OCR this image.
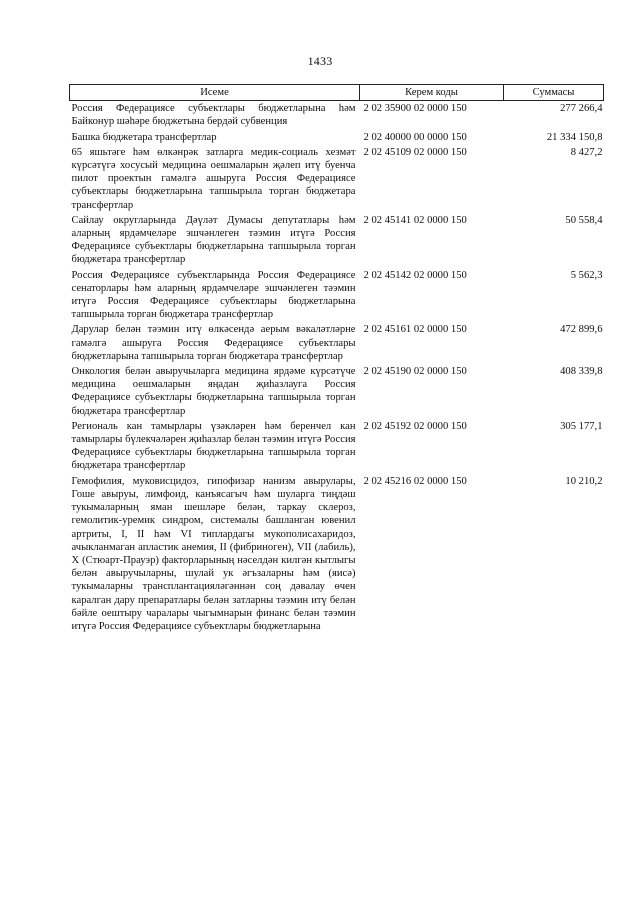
1433
Исеме	Керем коды	Суммасы
Россия Федерациясе субъектлары бюджетларына һәм Байконур шәһәре бюджетына бердәй субвенция	2 02 35900 02 0000 150	277 266,4
Башка бюджетара трансфертлар	2 02 40000 00 0000 150	21 334 150,8
65 яшьтәге һәм өлкәнрәк затларга медик-социаль хезмәт күрсәтүгә хосусый медицина оешмаларын җәлеп итү буенча пилот проектын гамәлгә ашыруга Россия Федерациясе субъектлары бюджетларына тапшырыла торган бюджетара трансфертлар	2 02 45109 02 0000 150	8 427,2
Сайлау округларында Дәүләт Думасы депутатлары һәм аларның ярдәмчеләре эшчәнлеген тәэмин итүгә Россия Федерациясе субъектлары бюджетларына тапшырыла торган бюджетара трансфертлар	2 02 45141 02 0000 150	50 558,4
Россия Федерациясе субъектларында Россия Федерациясе сенаторлары һәм аларның ярдәмчеләре эшчәнлеген тәэмин итүгә Россия Федерациясе субъектлары бюджетларына тапшырыла торган бюджетара трансфертлар	2 02 45142 02 0000 150	5 562,3
Дарулар белән тәэмин итү өлкәсендә аерым вәкаләтләрне гамәлгә ашыруга Россия Федерациясе субъектлары бюджетларына тапшырыла торган бюджетара трансфертлар	2 02 45161 02 0000 150	472 899,6
Онкология белән авыручыларга медицина ярдәме күрсәтүче медицина оешмаларын яңадан җиһазлауга Россия Федерациясе субъектлары бюджетларына тапшырыла торган бюджетара трансфертлар	2 02 45190 02 0000 150	408 339,8
Региональ кан тамырлары үзәкләрен һәм беренчел кан тамырлары бүлекчәләрен җиһазлар белән тәэмин итүгә Россия Федерациясе субъектлары бюджетларына тапшырыла торган бюджетара трансфертлар	2 02 45192 02 0000 150	305 177,1
Гемофилия, муковисцидоз, гипофизар нанизм авырулары, Гоше авыруы, лимфоид, канъясагыч һәм шуларга тиңдәш тукымаларның яман шешләре белән, таркау склероз, гемолитик-уремик синдром, системалы башланган ювенил артриты, I, II һәм VI типлардагы мукополисахаридоз, ачыкланмаган апластик анемия, II (фибриноген), VII (лабиль), X (Стюарт-Прауэр) факторларының нәселдән килгән кытлыгы белән авыручыларны, шулай ук әгъзаларны һәм (яисә) тукымаларны трансплантацияләгәннән соң дәвалау өчен каралган дару препаратлары белән затларны тәэмин итү белән бәйле оештыру чаралары чыгымнарын финанс белән тәэмин итүгә Россия Федерациясе субъектлары бюджетларына	2 02 45216 02 0000 150	10 210,2
